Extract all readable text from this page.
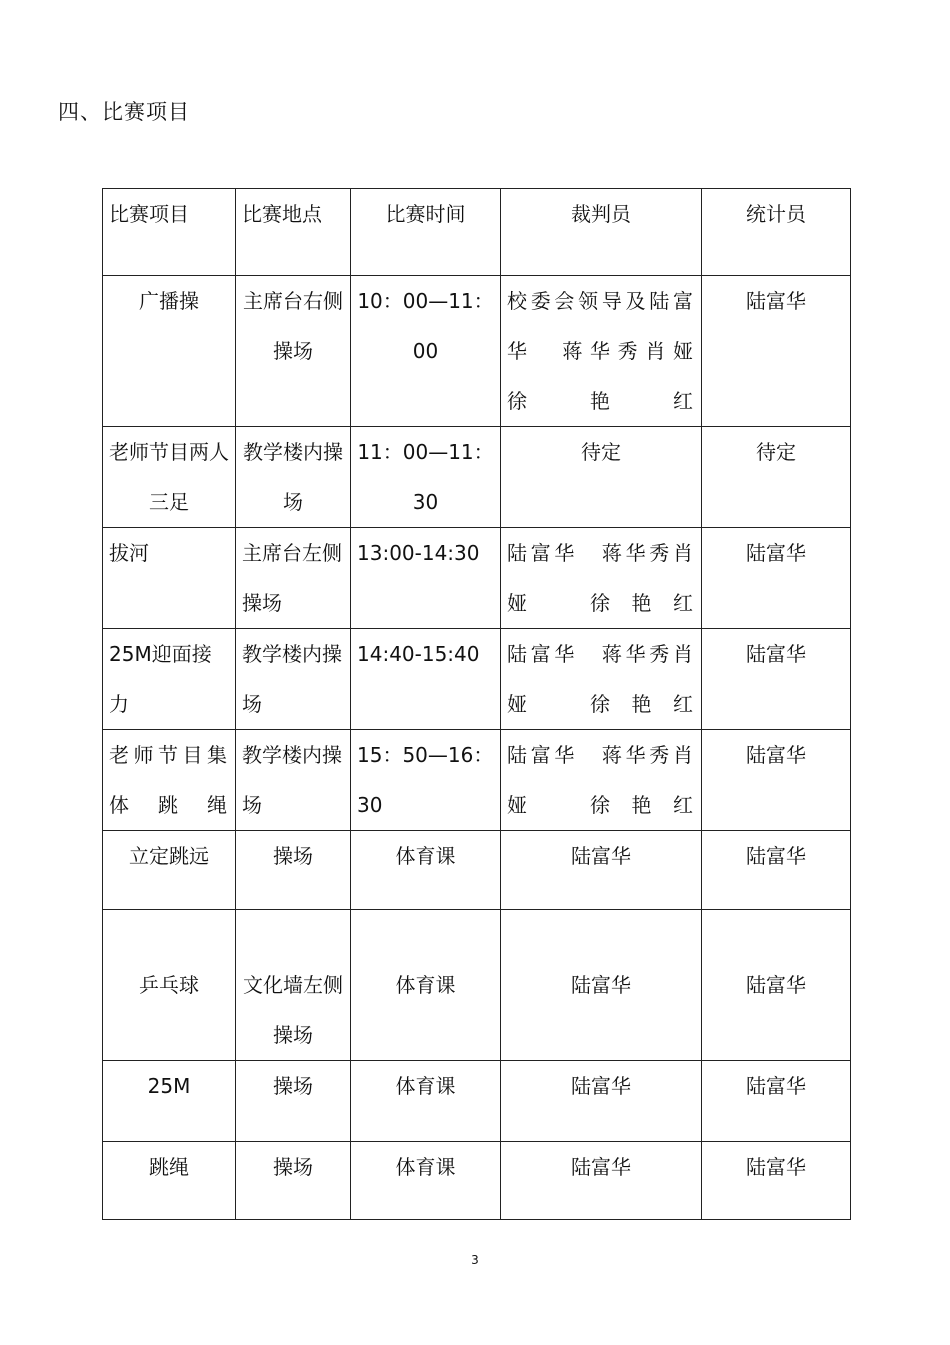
四、比赛项目
比赛项目	比赛地点	比赛时间	裁判员	统计员
广播操	主席台右侧操场	10：00—11：00	校委会领导及陆富华　蒋华秀肖娅　徐艳红	陆富华
老师节目两人三足	教学楼内操场	11：00—11：30	待定	待定
拔河	主席台左侧操场	13:00-14:30	陆富华　蒋华秀肖娅　徐艳红	陆富华
25M迎面接力	教学楼内操场	14:40-15:40	陆富华　蒋华秀肖娅　徐艳红	陆富华
老师节目集体跳绳	教学楼内操场	15：50—16：30	陆富华　蒋华秀肖娅　徐艳红	陆富华
立定跳远	操场	体育课	陆富华	陆富华
乒乓球	文化墙左侧操场	体育课	陆富华	陆富华
25M	操场	体育课	陆富华	陆富华
跳绳	操场	体育课	陆富华	陆富华
3
